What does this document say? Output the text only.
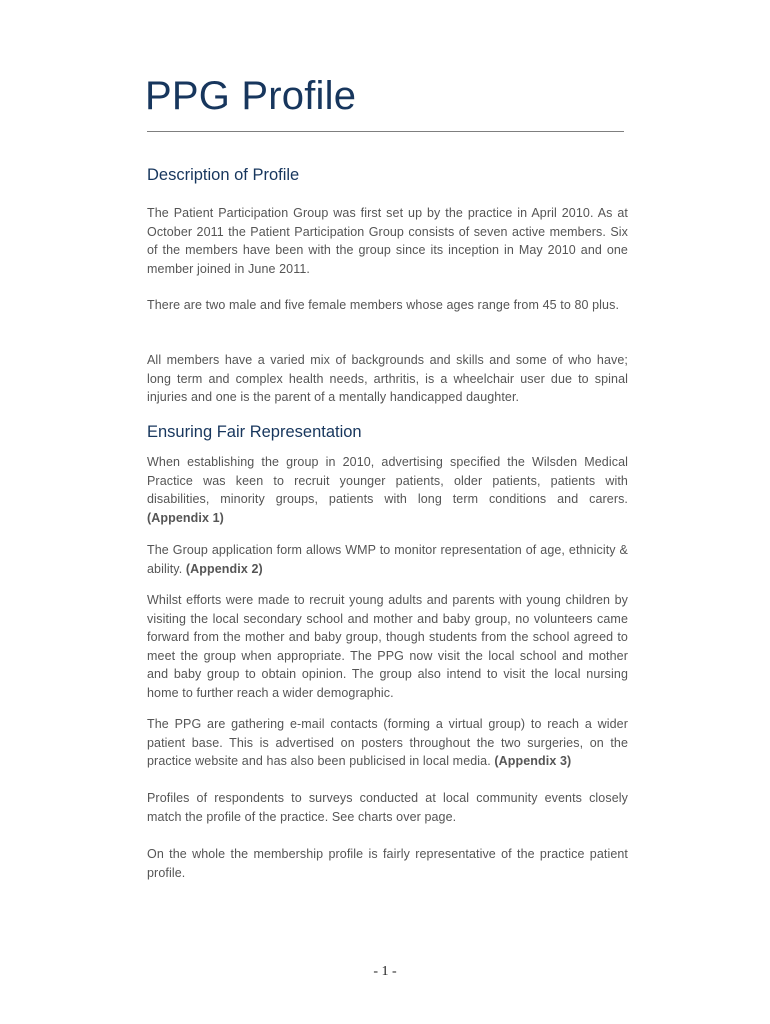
PPG Profile
Description of Profile

The Patient Participation Group was first set up by the practice in April 2010. As at October 2011 the Patient Participation Group consists of seven active members. Six of the members have been with the group since its inception in May 2010 and one member joined in June 2011.

There are two male and five female members whose ages range from 45 to 80 plus.

All members have a varied mix of backgrounds and skills and some of who have; long term and complex health needs, arthritis, is a wheelchair user due to spinal injuries and one is the parent of a mentally handicapped daughter.

Ensuring Fair Representation

When establishing the group in 2010, advertising specified the Wilsden Medical Practice was keen to recruit younger patients, older patients, patients with disabilities, minority groups, patients with long term conditions and carers. (Appendix 1)

The Group application form allows WMP to monitor representation of age, ethnicity & ability. (Appendix 2)

Whilst efforts were made to recruit young adults and parents with young children by visiting the local secondary school and mother and baby group, no volunteers came forward from the mother and baby group, though students from the school agreed to meet the group when appropriate. The PPG now visit the local school and mother and baby group to obtain opinion. The group also intend to visit the local nursing home to further reach a wider demographic.

The PPG are gathering e-mail contacts (forming a virtual group) to reach a wider patient base. This is advertised on posters throughout the two surgeries, on the practice website and has also been publicised in local media. (Appendix 3)

Profiles of respondents to surveys conducted at local community events closely match the profile of the practice. See charts over page.

On the whole the membership profile is fairly representative of the practice patient profile.

- 1 -
